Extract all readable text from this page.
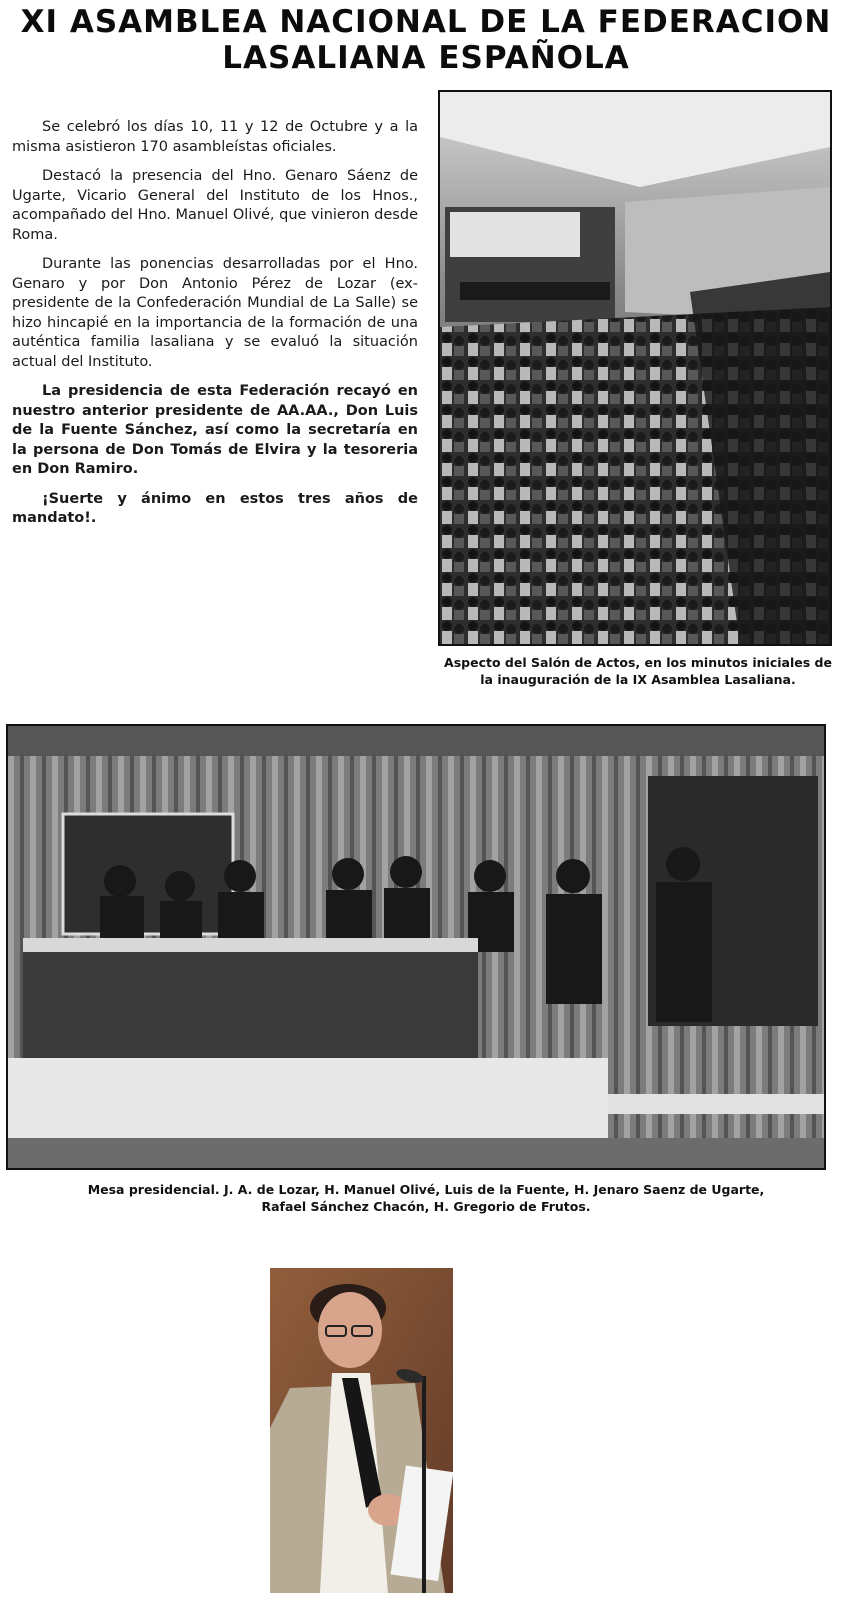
XI ASAMBLEA NACIONAL DE LA FEDERACION
LASALIANA ESPAÑOLA

Se celebró los días 10, 11 y 12 de Octubre y a la misma asistieron 170 asambleístas oficiales.

Destacó la presencia del Hno. Genaro Sáenz de Ugarte, Vicario General del Instituto de los Hnos., acompañado del Hno. Manuel Olivé, que vinieron desde Roma.

Durante las ponencias desarrolladas por el Hno. Genaro y por Don Antonio Pérez de Lozar (ex-presidente de la Confederación Mundial de La Salle) se hizo hincapié en la importancia de la formación de una auténtica familia lasaliana y se evaluó la situación actual del Instituto.

La presidencia de esta Federación recayó en nuestro anterior presidente de AA.AA., Don Luis de la Fuente Sánchez, así como la secretaría en la persona de Don Tomás de Elvira y la tesoreria en Don Ramiro.

¡Suerte y ánimo en estos tres años de mandato!.

Aspecto del Salón de Actos, en los minutos iniciales de la inauguración de la IX Asamblea Lasaliana.
Mesa presidencial. J. A. de Lozar, H. Manuel Olivé, Luis de la Fuente, H. Jenaro Saenz de Ugarte,
Rafael Sánchez Chacón, H. Gregorio de Frutos.
